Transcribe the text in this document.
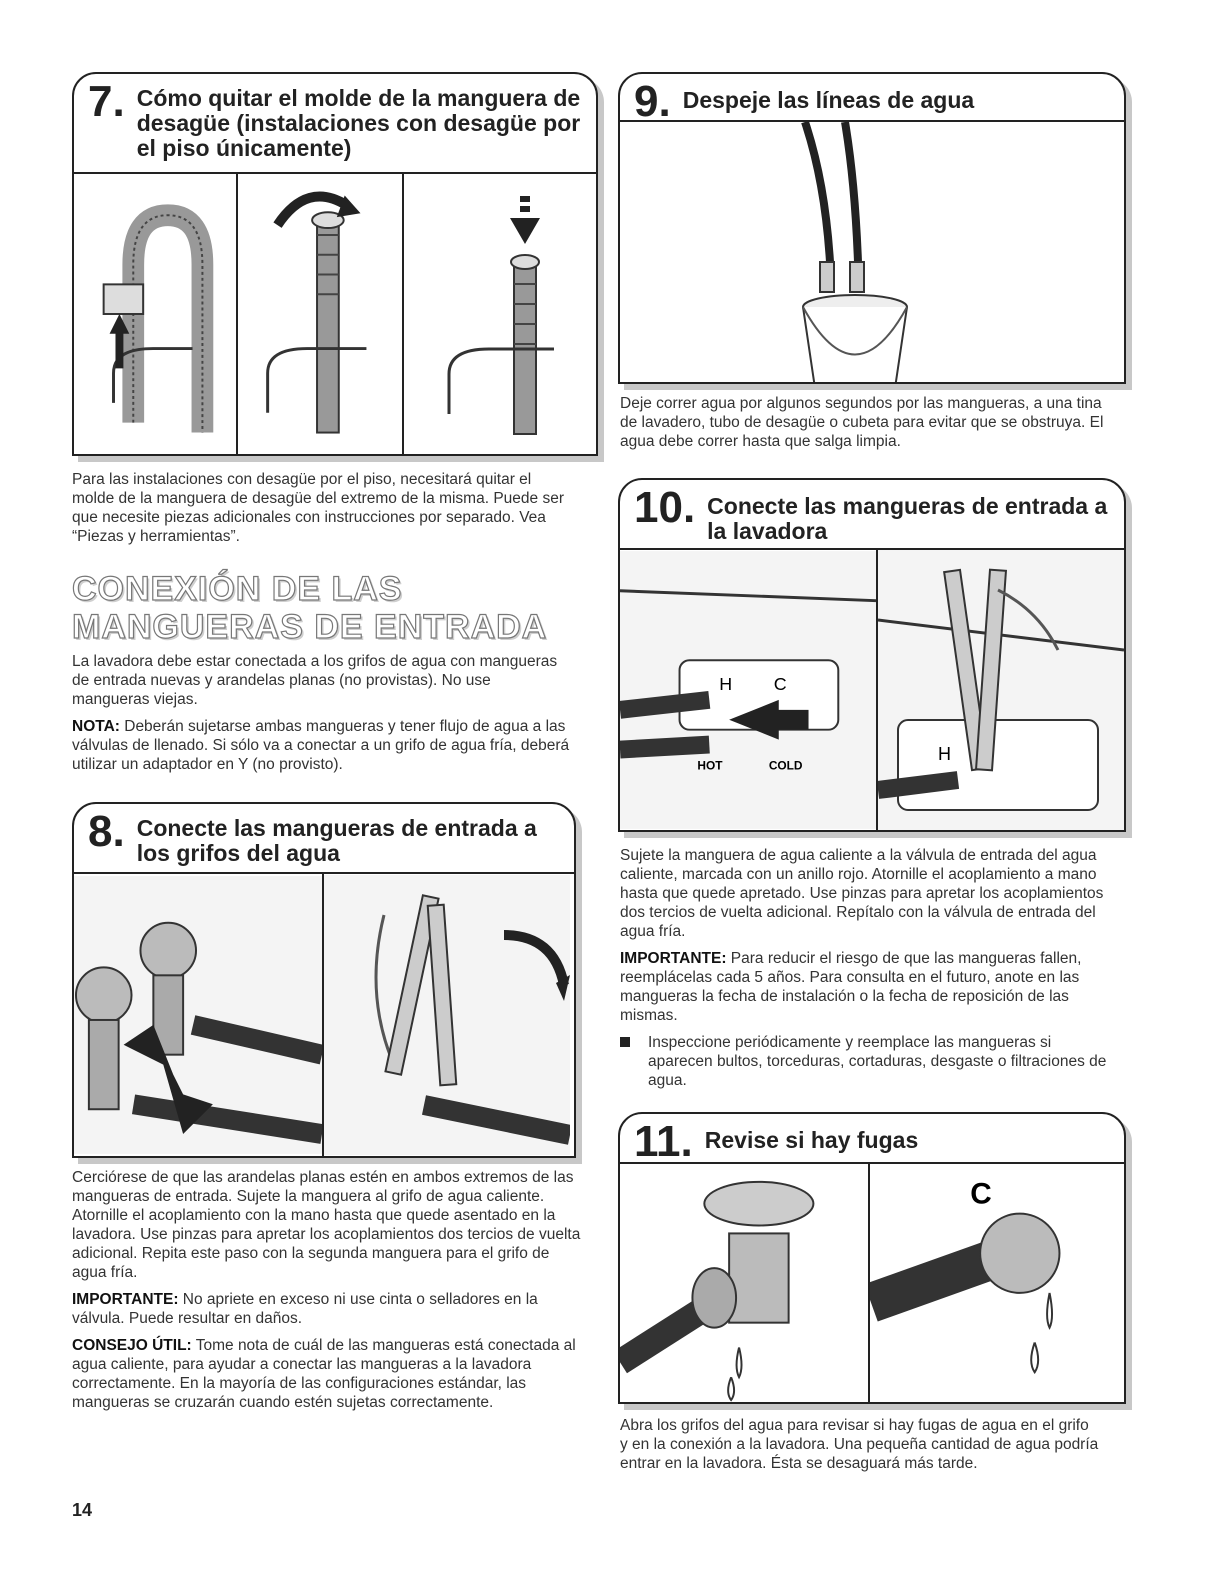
7. Cómo quitar el molde de la manguera de desagüe (instalaciones con desagüe por el piso únicamente)
Para las instalaciones con desagüe por el piso, necesitará quitar el molde de la manguera de desagüe del extremo de la misma. Puede ser que necesite piezas adicionales con instrucciones por separado. Vea “Piezas y herramientas”.
CONEXIÓN DE LAS MANGUERAS DE ENTRADA

La lavadora debe estar conectada a los grifos de agua con mangueras de entrada nuevas y arandelas planas (no provistas). No use mangueras viejas.

NOTA: Deberán sujetarse ambas mangueras y tener flujo de agua a las válvulas de llenado. Si sólo va a conectar a un grifo de agua fría, deberá utilizar un adaptador en Y (no provisto).

8. Conecte las mangueras de entrada a los grifos del agua

Cerciórese de que las arandelas planas estén en ambos extremos de las mangueras de entrada. Sujete la manguera al grifo de agua caliente. Atornille el acoplamiento con la mano hasta que quede asentado en la lavadora. Use pinzas para apretar los acoplamientos dos tercios de vuelta adicional. Repita este paso con la segunda manguera para el grifo de agua fría.

IMPORTANTE: No apriete en exceso ni use cinta o selladores en la válvula. Puede resultar en daños.

CONSEJO ÚTIL: Tome nota de cuál de las mangueras está conectada al agua caliente, para ayudar a conectar las mangueras a la lavadora correctamente. En la mayoría de las configuraciones estándar, las mangueras se cruzarán cuando estén sujetas correctamente.

14
9. Despeje las líneas de agua
Deje correr agua por algunos segundos por las mangueras, a una tina de lavadero, tubo de desagüe o cubeta para evitar que se obstruya. El agua debe correr hasta que salga limpia.
10. Conecte las mangueras de entrada a la lavadora
H C
HOT	COLD
H

Sujete la manguera de agua caliente a la válvula de entrada del agua caliente, marcada con un anillo rojo. Atornille el acoplamiento a mano hasta que quede apretado. Use pinzas para apretar los acoplamientos dos tercios de vuelta adicional. Repítalo con la válvula de entrada del agua fría.

IMPORTANTE: Para reducir el riesgo de que las mangueras fallen, reemplácelas cada 5 años. Para consulta en el futuro, anote en las mangueras la fecha de instalación o la fecha de reposición de las mismas.

Inspeccione periódicamente y reemplace las mangueras si aparecen bultos, torceduras, cortaduras, desgaste o filtraciones de agua.
11. Revise si hay fugas
C
Abra los grifos del agua para revisar si hay fugas de agua en el grifo y en la conexión a la lavadora. Una pequeña cantidad de agua podría entrar en la lavadora. Ésta se desaguará más tarde.
